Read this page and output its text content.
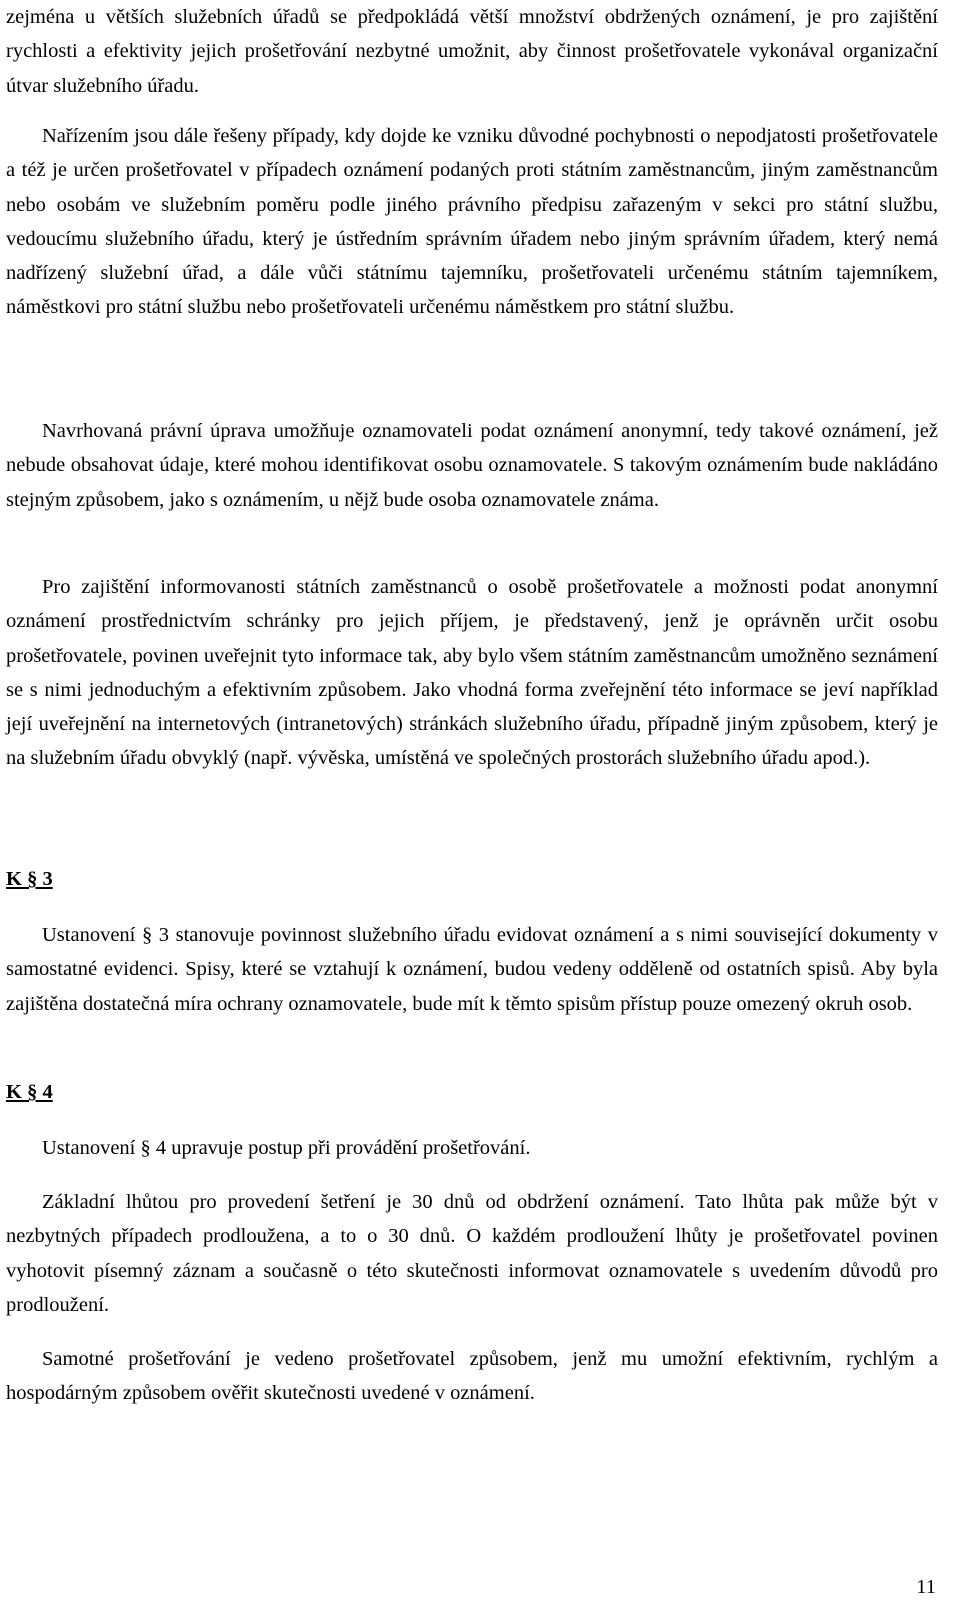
zejména u větších služebních úřadů se předpokládá větší množství obdržených oznámení, je pro zajištění rychlosti a efektivity jejich prošetřování nezbytné umožnit, aby činnost prošetřovatele vykonával organizační útvar služebního úřadu.

Nařízením jsou dále řešeny případy, kdy dojde ke vzniku důvodné pochybnosti o nepodjatosti prošetřovatele a též je určen prošetřovatel v případech oznámení podaných proti státním zaměstnancům, jiným zaměstnancům nebo osobám ve služebním poměru podle jiného právního předpisu zařazeným v sekci pro státní službu, vedoucímu služebního úřadu, který je ústředním správním úřadem nebo jiným správním úřadem, který nemá nadřízený služební úřad, a dále vůči státnímu tajemníku, prošetřovateli určenému státním tajemníkem, náměstkovi pro státní službu nebo prošetřovateli určenému náměstkem pro státní službu.

Navrhovaná právní úprava umožňuje oznamovateli podat oznámení anonymní, tedy takové oznámení, jež nebude obsahovat údaje, které mohou identifikovat osobu oznamovatele. S takovým oznámením bude nakládáno stejným způsobem, jako s oznámením, u nějž bude osoba oznamovatele známa.

Pro zajištění informovanosti státních zaměstnanců o osobě prošetřovatele a možnosti podat anonymní oznámení prostřednictvím schránky pro jejich příjem, je představený, jenž je oprávněn určit osobu prošetřovatele, povinen uveřejnit tyto informace tak, aby bylo všem státním zaměstnancům umožněno seznámení se s nimi jednoduchým a efektivním způsobem. Jako vhodná forma zveřejnění této informace se jeví například její uveřejnění na internetových (intranetových) stránkách služebního úřadu, případně jiným způsobem, který je na služebním úřadu obvyklý (např. vývěska, umístěná ve společných prostorách služebního úřadu apod.).

K § 3

Ustanovení § 3 stanovuje povinnost služebního úřadu evidovat oznámení a s nimi související dokumenty v samostatné evidenci. Spisy, které se vztahují k oznámení, budou vedeny odděleně od ostatních spisů. Aby byla zajištěna dostatečná míra ochrany oznamovatele, bude mít k těmto spisům přístup pouze omezený okruh osob.

K § 4

Ustanovení § 4 upravuje postup při provádění prošetřování.

Základní lhůtou pro provedení šetření je 30 dnů od obdržení oznámení. Tato lhůta pak může být v nezbytných případech prodloužena, a to o 30 dnů. O každém prodloužení lhůty je prošetřovatel povinen vyhotovit písemný záznam a současně o této skutečnosti informovat oznamovatele s uvedením důvodů pro prodloužení.

Samotné prošetřování je vedeno prošetřovatel způsobem, jenž mu umožní efektivním, rychlým a hospodárným způsobem ověřit skutečnosti uvedené v oznámení.

11
